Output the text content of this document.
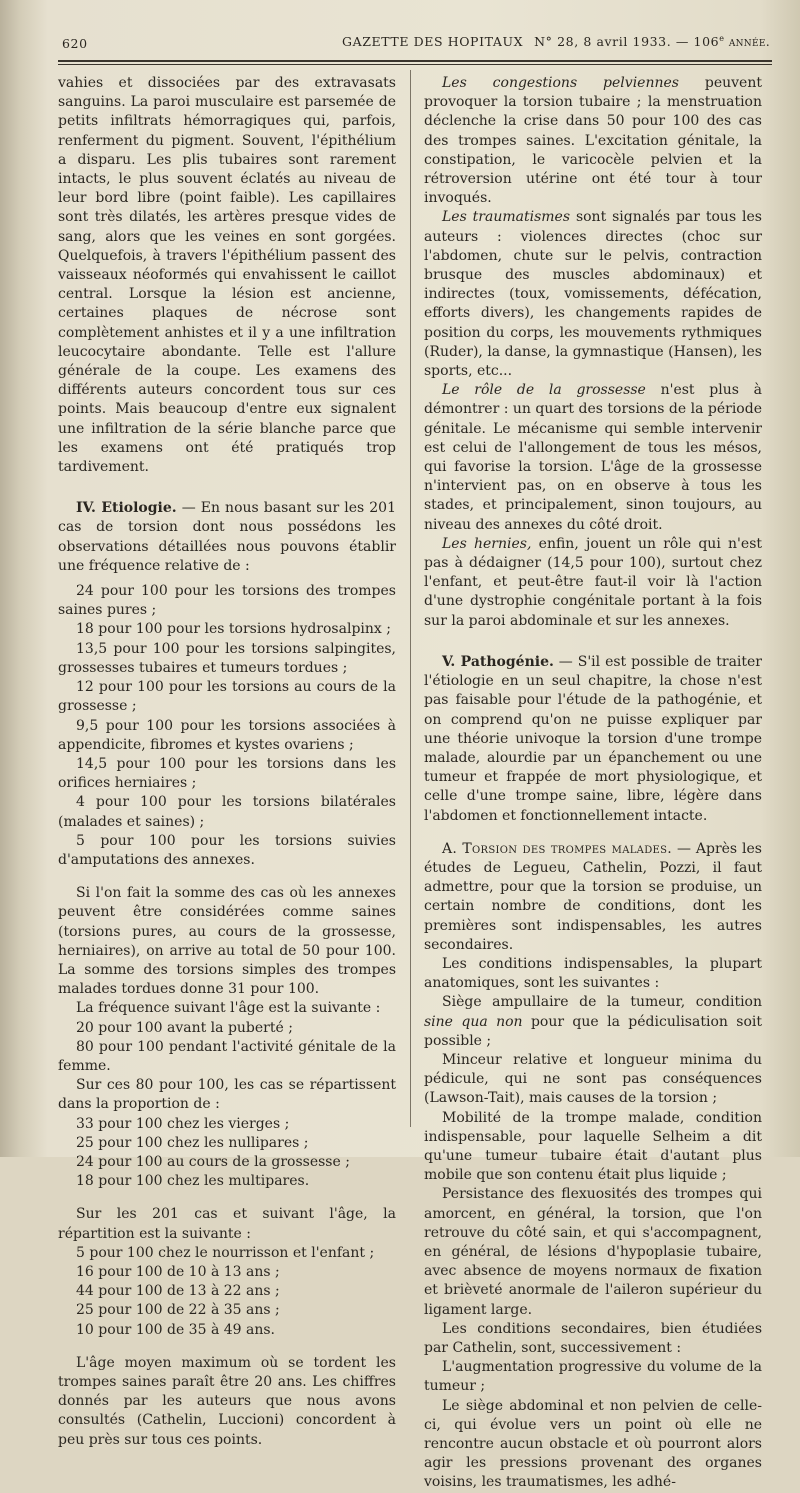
620	GAZETTE DES HOPITAUX N° 28, 8 avril 1933. — 106e année.

vahies et dissociées par des extravasats sanguins. La paroi musculaire est parsemée de petits infiltrats hémorragiques qui, parfois, renferment du pigment. Souvent, l'épithélium a disparu. Les plis tubaires sont rarement intacts, le plus souvent éclatés au niveau de leur bord libre (point faible). Les capillaires sont très dilatés, les artères presque vides de sang, alors que les veines en sont gorgées. Quelquefois, à travers l'épithélium passent des vaisseaux néoformés qui envahissent le caillot central. Lorsque la lésion est ancienne, certaines plaques de nécrose sont complètement anhistes et il y a une infiltration leucocytaire abondante. Telle est l'allure générale de la coupe. Les examens des différents auteurs concordent tous sur ces points. Mais beaucoup d'entre eux signalent une infiltration de la série blanche parce que les examens ont été pratiqués trop tardivement.

IV. Etiologie. — En nous basant sur les 201 cas de torsion dont nous possédons les observations détaillées nous pouvons établir une fréquence relative de :

24 pour 100 pour les torsions des trompes saines pures ;

18 pour 100 pour les torsions hydrosalpinx ;

13,5 pour 100 pour les torsions salpingites, grossesses tubaires et tumeurs tordues ;

12 pour 100 pour les torsions au cours de la grossesse ;

9,5 pour 100 pour les torsions associées à appendicite, fibromes et kystes ovariens ;

14,5 pour 100 pour les torsions dans les orifices herniaires ;

4 pour 100 pour les torsions bilatérales (malades et saines) ;

5 pour 100 pour les torsions suivies d'amputations des annexes.

Si l'on fait la somme des cas où les annexes peuvent être considérées comme saines (torsions pures, au cours de la grossesse, herniaires), on arrive au total de 50 pour 100. La somme des torsions simples des trompes malades tordues donne 31 pour 100.

La fréquence suivant l'âge est la suivante :

20 pour 100 avant la puberté ;

80 pour 100 pendant l'activité génitale de la femme.

Sur ces 80 pour 100, les cas se répartissent dans la proportion de :

33 pour 100 chez les vierges ;

25 pour 100 chez les nullipares ;

24 pour 100 au cours de la grossesse ;

18 pour 100 chez les multipares.

Sur les 201 cas et suivant l'âge, la répartition est la suivante :

5 pour 100 chez le nourrisson et l'enfant ;

16 pour 100 de 10 à 13 ans ;

44 pour 100 de 13 à 22 ans ;

25 pour 100 de 22 à 35 ans ;

10 pour 100 de 35 à 49 ans.

L'âge moyen maximum où se tordent les trompes saines paraît être 20 ans. Les chiffres donnés par les auteurs que nous avons consultés (Cathelin, Luccioni) concordent à peu près sur tous ces points.

Les congestions pelviennes peuvent provoquer la torsion tubaire ; la menstruation déclenche la crise dans 50 pour 100 des cas des trompes saines. L'excitation génitale, la constipation, le varicocèle pelvien et la rétroversion utérine ont été tour à tour invoqués.

Les traumatismes sont signalés par tous les auteurs : violences directes (choc sur l'abdomen, chute sur le pelvis, contraction brusque des muscles abdominaux) et indirectes (toux, vomissements, défécation, efforts divers), les changements rapides de position du corps, les mouvements rythmiques (Ruder), la danse, la gymnastique (Hansen), les sports, etc...

Le rôle de la grossesse n'est plus à démontrer : un quart des torsions de la période génitale. Le mécanisme qui semble intervenir est celui de l'allongement de tous les mésos, qui favorise la torsion. L'âge de la grossesse n'intervient pas, on en observe à tous les stades, et principalement, sinon toujours, au niveau des annexes du côté droit.

Les hernies, enfin, jouent un rôle qui n'est pas à dédaigner (14,5 pour 100), surtout chez l'enfant, et peut-être faut-il voir là l'action d'une dystrophie congénitale portant à la fois sur la paroi abdominale et sur les annexes.

V. Pathogénie. — S'il est possible de traiter l'étiologie en un seul chapitre, la chose n'est pas faisable pour l'étude de la pathogénie, et on comprend qu'on ne puisse expliquer par une théorie univoque la torsion d'une trompe malade, alourdie par un épanchement ou une tumeur et frappée de mort physiologique, et celle d'une trompe saine, libre, légère dans l'abdomen et fonctionnellement intacte.

A. Torsion des trompes malades. — Après les études de Legueu, Cathelin, Pozzi, il faut admettre, pour que la torsion se produise, un certain nombre de conditions, dont les premières sont indispensables, les autres secondaires.

Les conditions indispensables, la plupart anatomiques, sont les suivantes :

Siège ampullaire de la tumeur, condition sine qua non pour que la pédiculisation soit possible ;

Minceur relative et longueur minima du pédicule, qui ne sont pas conséquences (Lawson-Tait), mais causes de la torsion ;

Mobilité de la trompe malade, condition indispensable, pour laquelle Selheim a dit qu'une tumeur tubaire était d'autant plus mobile que son contenu était plus liquide ;

Persistance des flexuosités des trompes qui amorcent, en général, la torsion, que l'on retrouve du côté sain, et qui s'accompagnent, en général, de lésions d'hypoplasie tubaire, avec absence de moyens normaux de fixation et brièveté anormale de l'aileron supérieur du ligament large.

Les conditions secondaires, bien étudiées par Cathelin, sont, successivement :

L'augmentation progressive du volume de la tumeur ;

Le siège abdominal et non pelvien de celle-ci, qui évolue vers un point où elle ne rencontre aucun obstacle et où pourront alors agir les pressions provenant des organes voisins, les traumatismes, les adhé-
